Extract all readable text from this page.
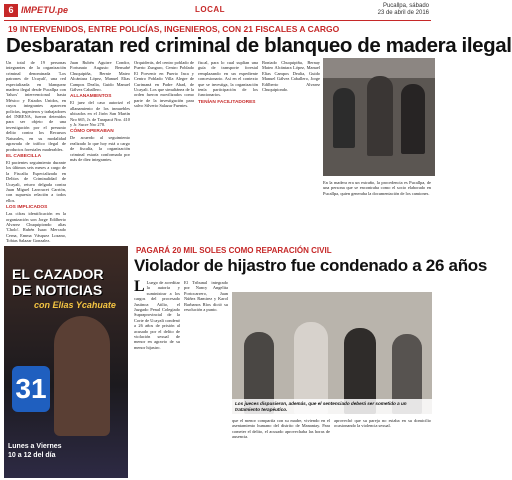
6 IMPETU.pe	LOCAL	Pucallpa, sábado
23 de abril de 2016
19 INTERVENIDOS, ENTRE POLICÍAS, INGENIEROS, CON 21 FISCALES A CARGO
Desbaratan red criminal de blanqueo de madera ilegal
Un total de 19 personas integrantes de la organización criminal denominada 'Los patrones de Ucayali', una red especializada en blanquear madera ilegal desde Pucallpa con 'falsos' intervencional hasta México y Estados Unidos, en cuyos integrantes aparecen policías, ingenieros y trabajadores del INRENA, fueron detenidos para ser objeto de una investigación por el presunto delito contra los Recursos Naturales, en su modalidad agravada de tráfico ilegal de productos forestales maderables.
EL CABECILLA
El pacientes seguimiento durante los últimos seis meses a cargo de la Fiscalía Especializada en Delitos de Criminalidad de Ucayali, retuvo delgada contra Juan Miguel Larroucet Carrión, con supuesta relación a todos ellos.
LOS IMPLICADOS
Las cifras identificación en la organización son Jorge Edilberto Alvarez Chuquipiondo alias 'Cholo'. Rubén Isaac Mercado Cerna, Emma Vásquez Lozano, Tobias Salazar Gonzalez.
Juan Rubén Aguirre Condor, Fortunato Augusto Bensabé Chuquipiña, Bernie Mateo Alcántara López, Manuel Elias Campos Dealia, Guido Manuel Gálvez Caballero.
ALLANAMIENTOS
El juez del caso autorizó el allanamiento de los inmuebles ubicados en el Jirón San Martín Nro 665, Jr. de Tarapacá Nro. 410 y Jr. Sucre Nro 278.
CÓMO OPERABAN
De acuerdo al seguimiento realizado lo que hoy está a cargo de fiscalía, la organización criminal estaría conformada por más de diez integrantes.
Orquiderás, del centro poblado de Puerto Zungaro, Centro Poblado El Porvenir en Puerto Inca y Centro Poblado Villa Alegre de Curimaná en Padre Abad, de Ucayali. Los que simultánea de la orden fueron movilizados como parte de la investigación para salvo Silverio Salazar Fuentes.
fiscal, para lo cual suplían una guía de transporte forestal remplazando en un expediente concesionario. Así en el contexto que se investiga, la organización tenía participación de los funcionarios.
TENÍAN FACILITADORES
Boniado Chuquipiña, Bernay Mateo Alcántara López, Manuel Elias Campos Dealia, Guido Manuel Gálvez Caballero, Jorge Edilberto Alvarez Chuquipiondo.
En la madera era un extraño, la procedencia es Pucallpa, de una persona que se encontraba como el socio elaborado en Pucallpa, quien generaba la documentación de los camiones.
EL CAZADOR
DE NOTICIAS
con Elias Ycahuate
31
Lunes a Viernes
10 a 12 del día
PAGARÁ 20 MIL SOLES COMO REPARACIÓN CIVIL
Violador de hijastro fue condenado a 26 años
L Luego de acreditar la autoría y suministrar a los cargos del procesado Justinoa Atilio, el Juzgado Penal Colegiado Supraprovincial de la Corte de Ucayali condenó a 26 años de prisión al acusado por el delito de violación sexual de menor en agravio de su menor hijastro.
El Tribunal integrado por Nancy Angelita Portocarrero, Juan Núñez Ramirez y Karol Barbanos Ríos dictó su resolución a punto.
Los jueces dispusieron, además, que el sentenciado deberá ser sometido a un tratamiento terapéutico.
que el menor compartía con su madre, viviendo en el asentamiento humano del distrito de Manantay. Para cometer el delito, el acusado aprovechaba las horas de ausencia.
aprovechó que su pareja no estaba en su domicilio ocasionando la violencia sexual.
